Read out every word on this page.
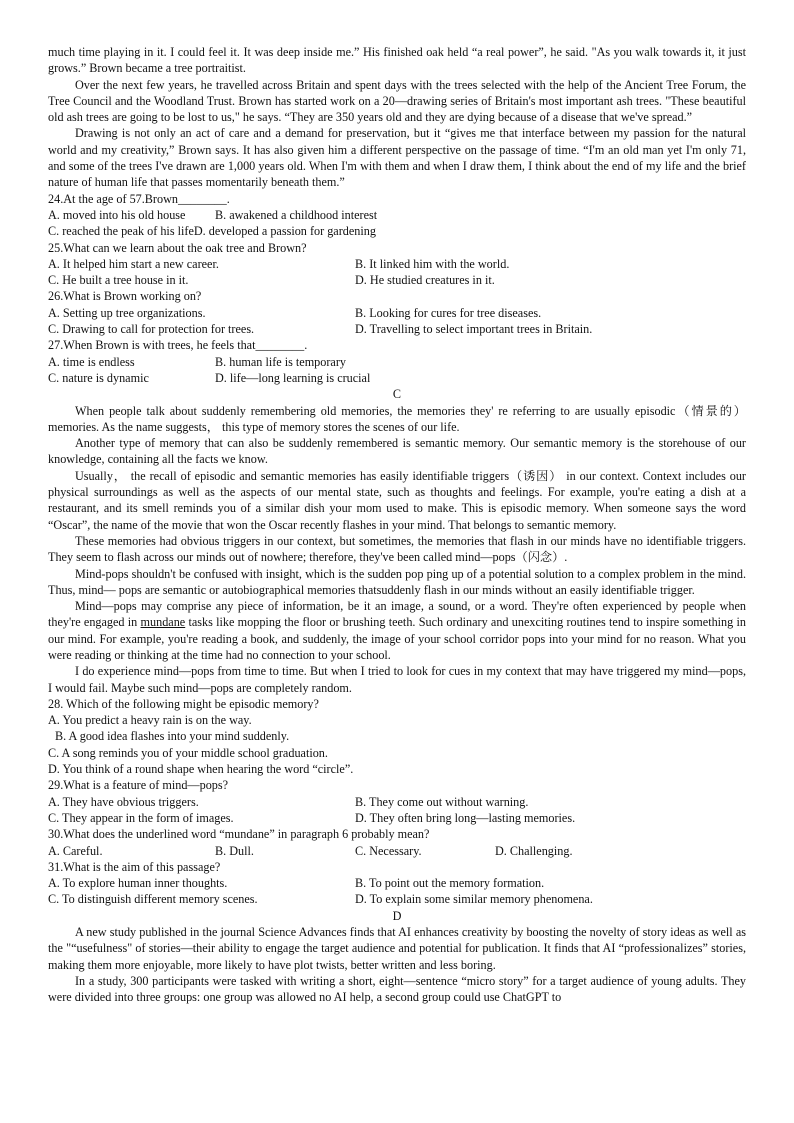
much time playing in it. I could feel it. It was deep inside me.” His finished oak held “a real power”, he said. "As you walk towards it, it just grows.” Brown became a tree portraitist.

Over the next few years, he travelled across Britain and spent days with the trees selected with the help of the Ancient Tree Forum, the Tree Council and the Woodland Trust. Brown has started work on a 20—drawing series of Britain's most important ash trees. "These beautiful old ash trees are going to be lost to us," he says. “They are 350 years old and they are dying because of a disease that we've spread.”

Drawing is not only an act of care and a demand for preservation, but it “gives me that interface between my passion for the natural world and my creativity,” Brown says. It has also given him a different perspective on the passage of time. “I'm an old man yet I'm only 71, and some of the trees I've drawn are 1,000 years old. When I'm with them and when I draw them, I think about the end of my life and the brief nature of human life that passes momentarily beneath them.”

24.At the age of 57.Brown________.

A. moved into his old house	B. awakened a childhood interest
C. reached the peak of his lifeD. developed a passion for gardening

25.What can we learn about the oak tree and Brown?

A. It helped him start a new career.	B. It linked him with the world.
C. He built a tree house in it.	D. He studied creatures in it.

26.What is Brown working on?

A. Setting up tree organizations.	B. Looking for cures for tree diseases.
C. Drawing to call for protection for trees.	D. Travelling to select important trees in Britain.

27.When Brown is with trees, he feels that________.

A. time is endless	B. human life is temporary
C. nature is dynamic	D. life—long learning is crucial

C

When people talk about suddenly remembering old memories, the memories they' re referring to are usually episodic（情景的）memories. As the name suggests， this type of memory stores the scenes of our life.

Another type of memory that can also be suddenly remembered is semantic memory. Our semantic memory is the storehouse of our knowledge, containing all the facts we know.

Usually， the recall of episodic and semantic memories has easily identifiable triggers（诱因） in our context. Context includes our physical surroundings as well as the aspects of our mental state, such as thoughts and feelings. For example, you're eating a dish at a restaurant, and its smell reminds you of a similar dish your mom used to make. This is episodic memory. When someone says the word “Oscar”, the name of the movie that won the Oscar recently flashes in your mind. That belongs to semantic memory.

These memories had obvious triggers in our context, but sometimes, the memories that flash in our minds have no identifiable triggers. They seem to flash across our minds out of nowhere; therefore, they've been called mind—pops（闪念）.

Mind-pops shouldn't be confused with insight, which is the sudden pop ping up of a potential solution to a complex problem in the mind. Thus, mind— pops are semantic or autobiographical memories thatsuddenly flash in our minds without an easily identifiable trigger.

Mind—pops may comprise any piece of information, be it an image, a sound, or a word. They're often experienced by people when they're engaged in mundane tasks like mopping the floor or brushing teeth. Such ordinary and unexciting routines tend to inspire something in our mind. For example, you're reading a book, and suddenly, the image of your school corridor pops into your mind for no reason. What you were reading or thinking at the time had no connection to your school.

I do experience mind—pops from time to time. But when I tried to look for cues in my context that may have triggered my mind—pops, I would fail. Maybe such mind—pops are completely random.

28. Which of the following might be episodic memory?

A. You predict a heavy rain is on the way.

B. A good idea flashes into your mind suddenly.

C. A song reminds you of your middle school graduation.

D. You think of a round shape when hearing the word “circle”.

29.What is a feature of mind—pops?

A. They have obvious triggers.	B. They come out without warning.
C. They appear in the form of images.	D. They often bring long—lasting memories.

30.What does the underlined word “mundane” in paragraph 6 probably mean?

A. Careful.	B. Dull.	C. Necessary.	D. Challenging.

31.What is the aim of this passage?

A. To explore human inner thoughts.	B. To point out the memory formation.
C. To distinguish different memory scenes.	D. To explain some similar memory phenomena.

D

A new study published in the journal Science Advances finds that AI enhances creativity by boosting the novelty of story ideas as well as the "“usefulness" of stories—their ability to engage the target audience and potential for publication. It finds that AI “professionalizes” stories, making them more enjoyable, more likely to have plot twists, better written and less boring.

In a study, 300 participants were tasked with writing a short, eight—sentence “micro story” for a target audience of young adults. They were divided into three groups: one group was allowed no AI help, a second group could use ChatGPT to
